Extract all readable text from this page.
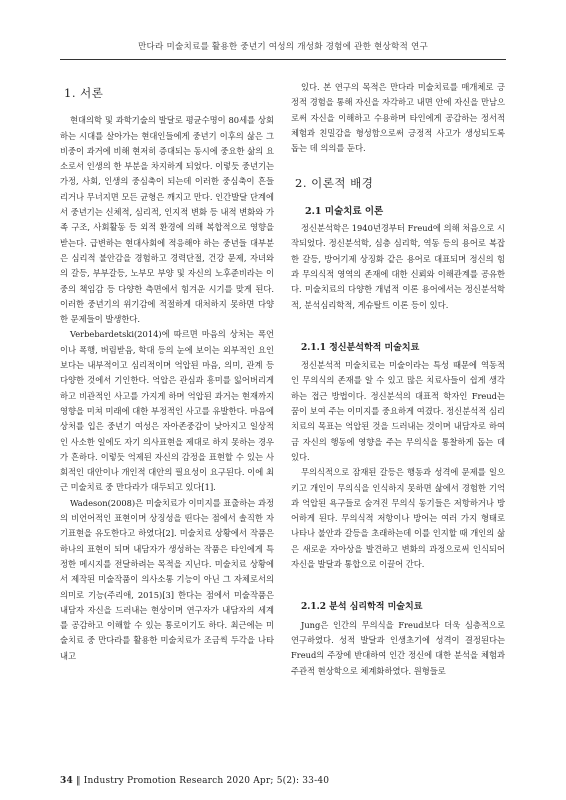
만다라 미술치료를 활용한 중년기 여성의 개성화 경험에 관한 현상학적 연구
1. 서론

현대의학 및 과학기술의 발달로 평균수명이 80세를 상회하는 시대를 살아가는 현대인들에게 중년기 이후의 삶은 그 비중이 과거에 비해 현저히 증대되는 동시에 중요한 삶의 요소로서 인생의 한 부분을 차지하게 되었다. 이렇듯 중년기는 가정, 사회, 인생의 중심축이 되는데 이러한 중심축이 흔들리거나 무너지면 모든 균형은 깨지고 만다. 인간발달 단계에서 중년기는 신체적, 심리적, 인지적 변화 등 내적 변화와 가족 구조, 사회활동 등 외적 환경에 의해 복합적으로 영향을 받는다. 급변하는 현대사회에 적응해야 하는 중년들 대부분은 심리적 불안감을 경험하고 경력단절, 건강 문제, 자녀와의 갈등, 부부갈등, 노부모 부양 및 자신의 노후준비라는 이중의 책임감 등 다양한 측면에서 힘겨운 시기를 맞게 된다. 이러한 중년기의 위기감에 적절하게 대처하지 못하면 다양한 문제들이 발생한다.

Verbebardetski(2014)에 따르면 마음의 상처는 폭언이나 폭행, 버림받음, 학대 등의 눈에 보이는 외부적인 요인보다는 내부적이고 심리적이며 억압된 마음, 의미, 관계 등 다양한 것에서 기인한다. 억압은 관심과 흥미를 잃어버리게 하고 비관적인 사고를 가지게 하며 억압된 과거는 현재까지 영향을 미쳐 미래에 대한 부정적인 사고를 유발한다. 마음에 상처를 입은 중년기 여성은 자아존중감이 낮아지고 일상적인 사소한 일에도 자기 의사표현을 제대로 하지 못하는 경우가 흔하다. 이렇듯 억제된 자신의 감정을 표현할 수 있는 사회적인 대안이나 개인적 대안의 필요성이 요구된다. 이에 최근 미술치료 중 만다라가 대두되고 있다[1].

Wadeson(2008)은 미술치료가 이미지를 표출하는 과정의 비언어적인 표현이며 상징성을 띤다는 점에서 솔직한 자기표현을 유도한다고 하였다[2]. 미술치료 상황에서 작품은 하나의 표현이 되며 내담자가 생성하는 작품은 타인에게 특정한 메시지를 전달하려는 목적을 지닌다. 미술치료 상황에서 제작된 미술작품이 의사소통 기능이 아닌 그 자체로서의 의미로 기능(주리애, 2015)[3] 한다는 점에서 미술작품은 내담자 자신을 드러내는 현상이며 연구자가 내담자의 세계를 공감하고 이해할 수 있는 통로이기도 하다. 최근에는 미술치료 중 만다라를 활용한 미술치료가 조금씩 두각을 나타내고

있다. 본 연구의 목적은 만다라 미술치료를 매개체로 긍정적 경험을 통해 자신을 자각하고 내면 안에 자신을 만남으로써 자신을 이해하고 수용하며 타인에게 공감하는 정서적 체험과 친밀감을 형성함으로써 긍정적 사고가 생성되도록 돕는 데 의의를 둔다.

2. 이론적 배경
2.1 미술치료 이론

정신분석학은 1940년경부터 Freud에 의해 처음으로 시작되었다. 정신분석학, 심층 심리학, 역동 등의 용어로 복잡한 갈등, 방어기제 상징화 같은 용어로 대표되며 정신의 힘과 무의식적 영역의 존재에 대한 신뢰와 이해관계를 공유한다. 미술치료의 다양한 개념적 이론 용어에서는 정신분석학적, 분석심리학적, 게슈탈트 이론 등이 있다.

2.1.1 정신분석학적 미술치료

정신분석적 미술치료는 미술이라는 특성 때문에 역동적인 무의식의 존재를 알 수 있고 많은 치료사들이 쉽게 생각하는 접근 방법이다. 정신분석의 대표적 학자인 Freud는 꿈이 보여 주는 이미지를 중요하게 여겼다. 정신분석적 심리치료의 목표는 억압된 것을 드러내는 것이며 내담자로 하여금 자신의 행동에 영향을 주는 무의식을 통찰하게 돕는 데 있다.

무의식적으로 잠재된 갈등은 행동과 성격에 문제를 일으키고 개인이 무의식을 인식하지 못하면 삶에서 경험한 기억과 억압된 욕구들로 숨겨진 무의식 동기들은 저항하거나 방어하게 된다. 무의식적 저항이나 방어는 여러 가지 형태로 나타나 불안과 갈등을 초래하는데 이를 인지할 때 개인의 삶은 새로운 자아상을 발견하고 변화의 과정으로써 인식되어 자신을 발달과 통합으로 이끌어 간다.

2.1.2 분석 심리학적 미술치료

Jung은 인간의 무의식을 Freud보다 더욱 심층적으로 연구하였다. 성적 발달과 인생초기에 성격이 결정된다는 Freud의 주장에 반대하여 인간 정신에 대한 분석을 체험과 주관적 현상학으로 체계화하였다. 원형들로

34 ‖ Industry Promotion Research 2020 Apr; 5(2): 33-40
